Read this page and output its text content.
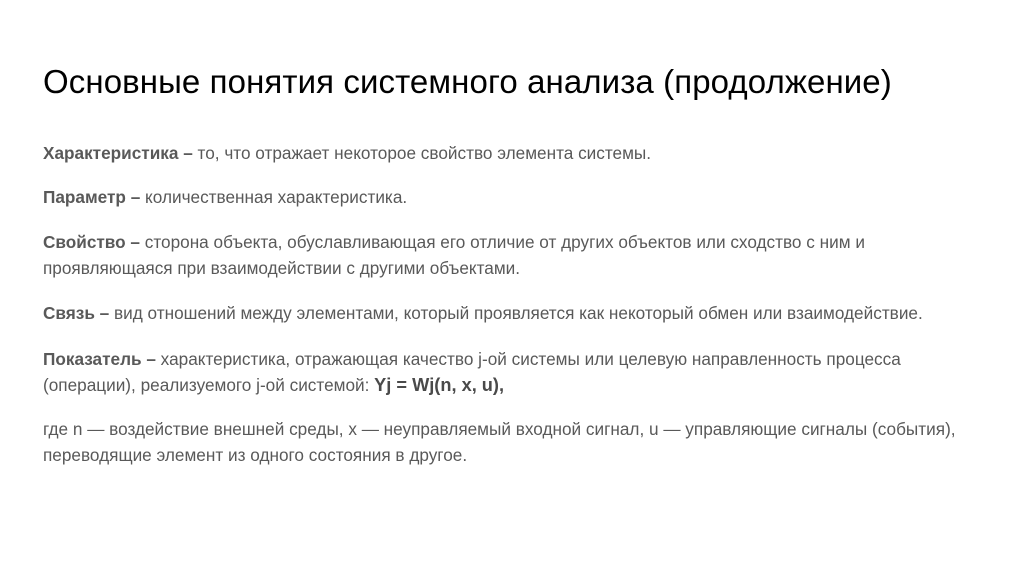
Основные понятия системного анализа (продолжение)

Характеристика – то, что отражает некоторое свойство элемента системы.

Параметр – количественная характеристика.

Свойство – сторона объекта, обуславливающая его отличие от других объектов или сходство с ним и проявляющаяся при взаимодействии с другими объектами.

Связь – вид отношений между элементами, который проявляется как некоторый обмен или взаимодействие.

Показатель – характеристика, отражающая качество j-ой системы или целевую направленность процесса (операции), реализуемого j-ой системой: Yj = Wj(n, x, u),

где n — воздействие внешней среды, x — неуправляемый входной сигнал, u — управляющие сигналы (события), переводящие элемент из одного состояния в другое.
